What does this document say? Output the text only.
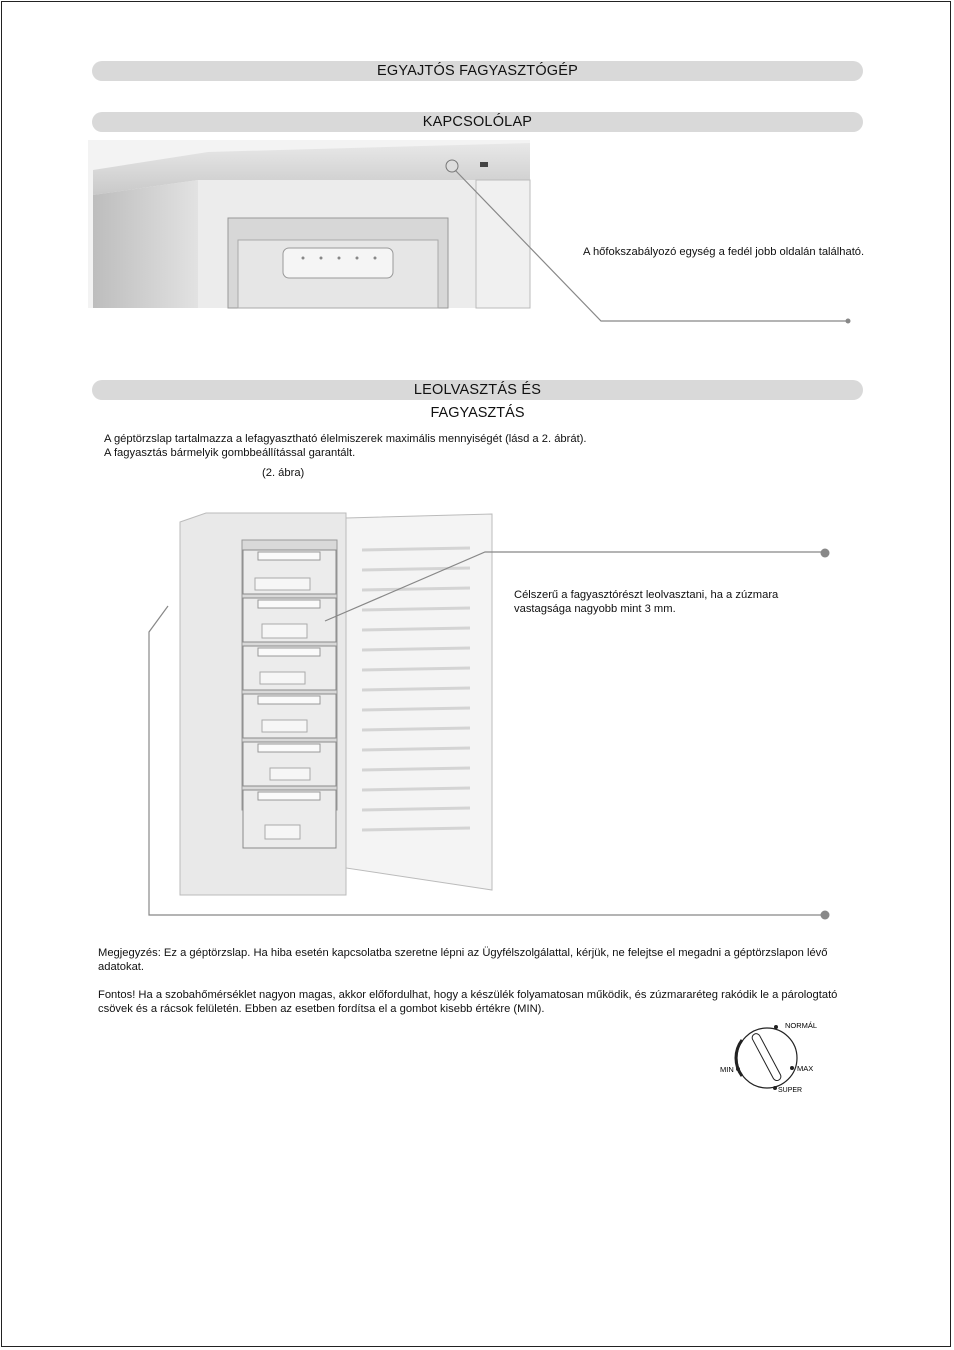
EGYAJTÓS FAGYASZTÓGÉP
KAPCSOLÓLAP
A hőfokszabályozó egység a fedél jobb oldalán található.
LEOLVASZTÁS ÉS
FAGYASZTÁS
A géptörzslap tartalmazza a lefagyasztható élelmiszerek maximális mennyiségét (lásd a 2. ábrát).
A fagyasztás bármelyik gombbeállítással garantált.
(2. ábra)
Célszerű a fagyasztórészt leolvasztani, ha a zúzmara vastagsága nagyobb mint 3 mm.
Megjegyzés: Ez a géptörzslap. Ha hiba esetén kapcsolatba szeretne lépni az Ügyfélszolgálattal, kérjük, ne felejtse el megadni a géptörzslapon lévő adatokat.
Fontos! Ha a szobahőmérséklet nagyon magas, akkor előfordulhat, hogy a készülék folyamatosan működik, és zúzmararéteg rakódik le a párologtató csövek és a rácsok felületén. Ebben az esetben fordítsa el a gombot kisebb értékre (MIN).
NORMÁL
MIN	MAX
SUPER
